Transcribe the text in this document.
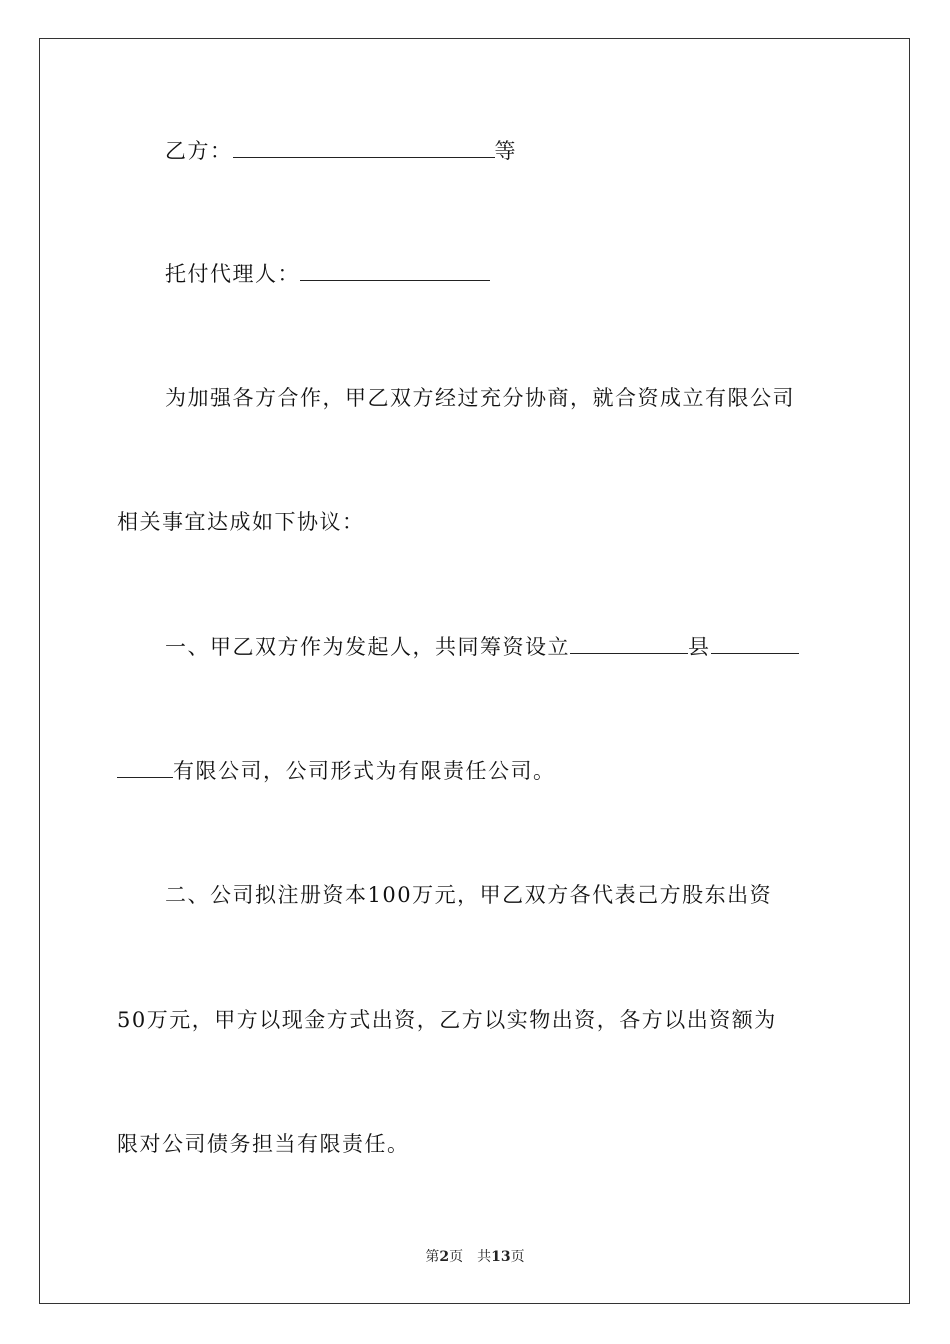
乙方：	等
托付代理人：
为加强各方合作，甲乙双方经过充分协商，就合资成立有限公司
相关事宜达成如下协议：
一、甲乙双方作为发起人，共同筹资设立	县
有限公司，公司形式为有限责任公司。
二、公司拟注册资本100万元，甲乙双方各代表己方股东出资
50万元，甲方以现金方式出资，乙方以实物出资，各方以出资额为
限对公司债务担当有限责任。
第2页　共13页
